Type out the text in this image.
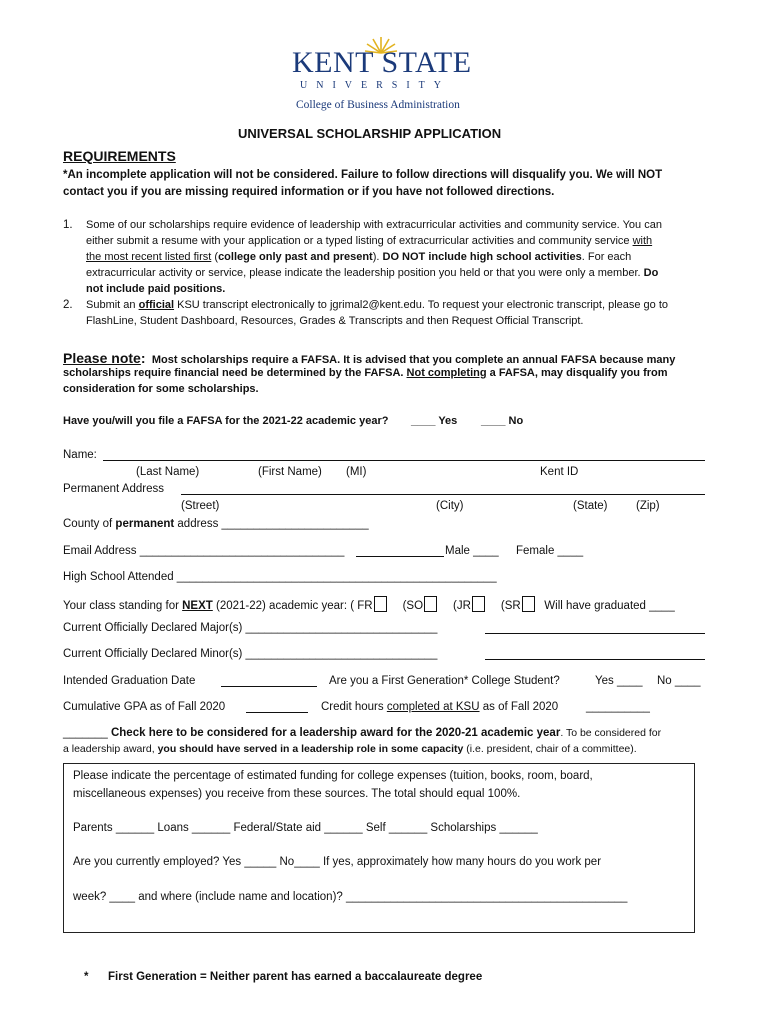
KENT STATE
UNIVERSITY
College of Business Administration
UNIVERSAL SCHOLARSHIP APPLICATION
REQUIREMENTS
*An incomplete application will not be considered. Failure to follow directions will disqualify you. We will NOT
contact you if you are missing required information or if you have not followed directions.
1. Some of our scholarships require evidence of leadership with extracurricular activities and community service. You can
either submit a resume with your application or a typed listing of extracurricular activities and community service with
the most recent listed first (college only past and present). DO NOT include high school activities. For each
extracurricular activity or service, please indicate the leadership position you held or that you were only a member. Do
not include paid positions.
2. Submit an official KSU transcript electronically to jgrimal2@kent.edu. To request your electronic transcript, please go to
FlashLine, Student Dashboard, Resources, Grades & Transcripts and then Request Official Transcript.
Please note: Most scholarships require a FAFSA. It is advised that you complete an annual FAFSA because many
scholarships require financial need be determined by the FAFSA. Not completing a FAFSA, may disqualify you from
consideration for some scholarships.
Have you/will you file a FAFSA for the 2021-22 academic year? ____ Yes ____ No
Name:
(Last Name)	(First Name) (MI)	Kent ID
Permanent Address
(Street)	(City)	(State) (Zip)
County of permanent address _______________________
Email Address ________________________________	Male ____ Female ____
High School Attended __________________________________________________
Your class standing for NEXT (2021-22) academic year: ( FR	(SO	(JR	(SR Will have graduated ____
Current Officially Declared Major(s) ______________________________
Current Officially Declared Minor(s) ______________________________
Intended Graduation Date	Are you a First Generation* College Student?	Yes ____ No ____
Cumulative GPA as of Fall 2020	Credit hours completed at KSU as of Fall 2020 __________
_______ Check here to be considered for a leadership award for the 2020-21 academic year. To be considered for
a leadership award, you should have served in a leadership role in some capacity (i.e. president, chair of a committee).
Please indicate the percentage of estimated funding for college expenses (tuition, books, room, board,
miscellaneous expenses) you receive from these sources. The total should equal 100%.
Parents ______ Loans ______ Federal/State aid ______ Self ______ Scholarships ______
Are you currently employed? Yes _____ No____ If yes, approximately how many hours do you work per
week? ____ and where (include name and location)? ____________________________________________
* First Generation = Neither parent has earned a baccalaureate degree
